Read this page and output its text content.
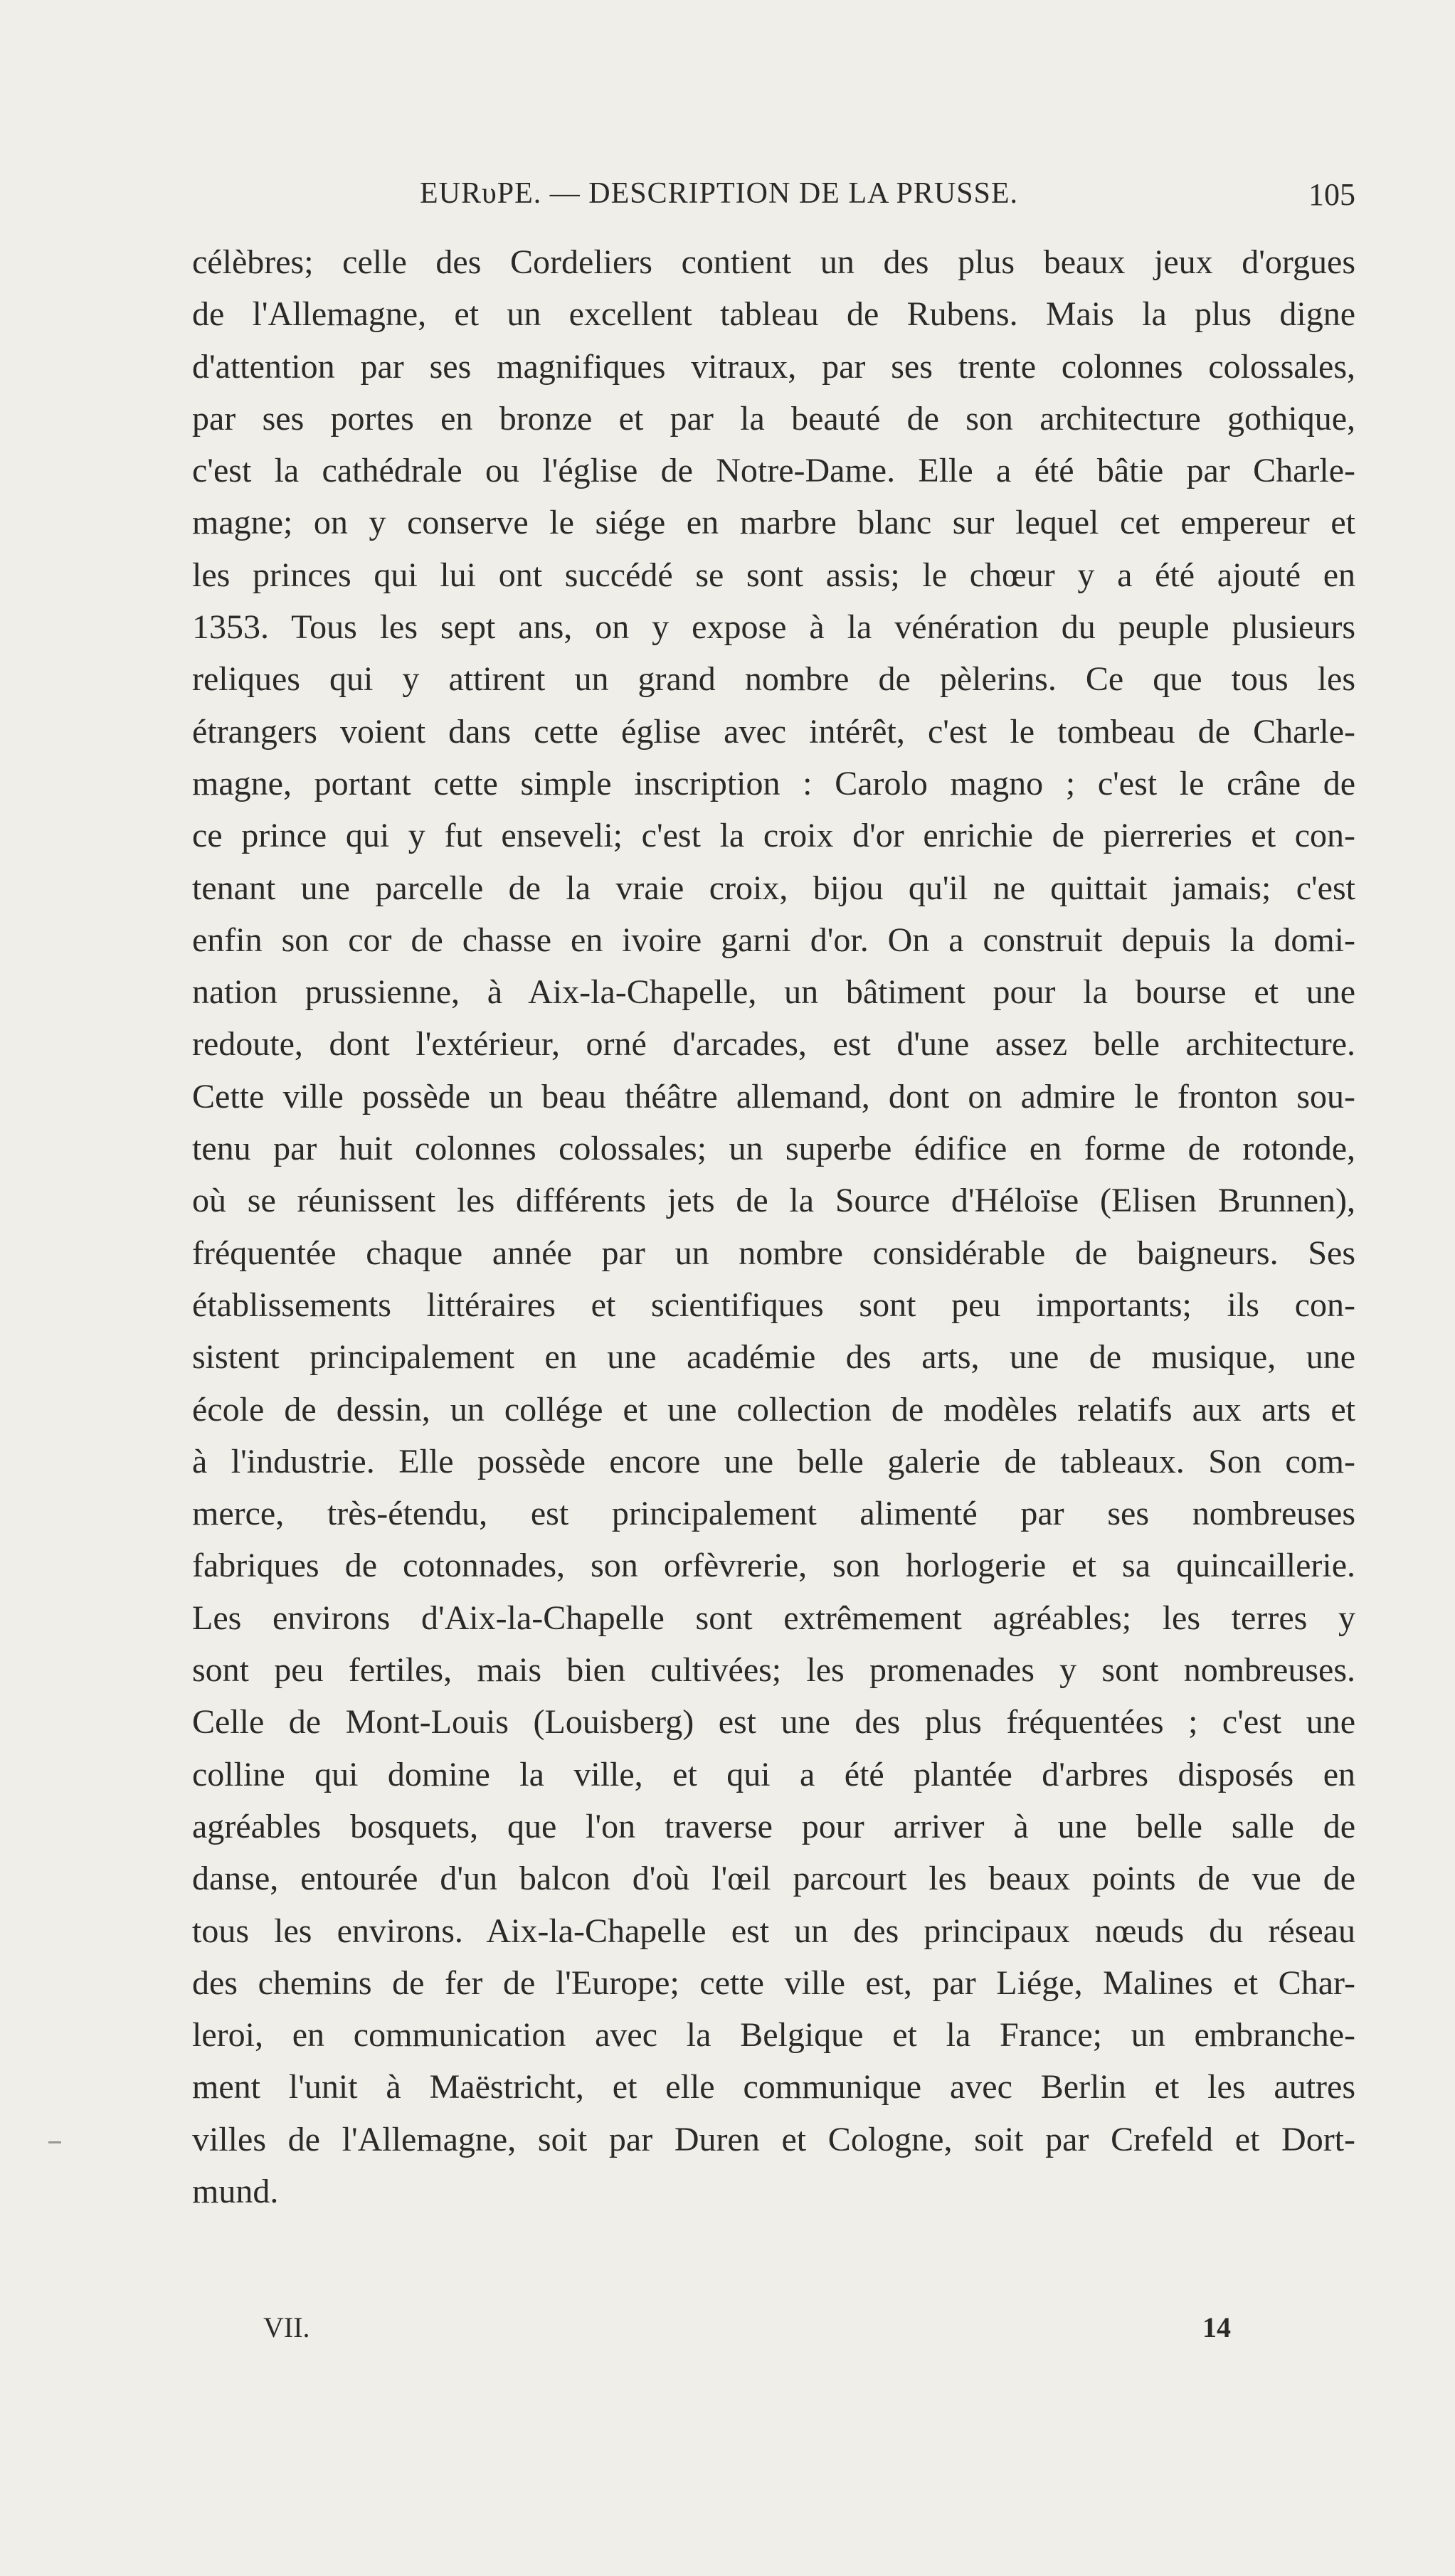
EURυPE. — DESCRIPTION DE LA PRUSSE.	105
célèbres; celle des Cordeliers contient un des plus beaux jeux d'orgues
de l'Allemagne, et un excellent tableau de Rubens. Mais la plus digne
d'attention par ses magnifiques vitraux, par ses trente colonnes colossales,
par ses portes en bronze et par la beauté de son architecture gothique,
c'est la cathédrale ou l'église de Notre-Dame. Elle a été bâtie par Charle-
magne; on y conserve le siége en marbre blanc sur lequel cet empereur et
les princes qui lui ont succédé se sont assis; le chœur y a été ajouté en
1353. Tous les sept ans, on y expose à la vénération du peuple plusieurs
reliques qui y attirent un grand nombre de pèlerins. Ce que tous les
étrangers voient dans cette église avec intérêt, c'est le tombeau de Charle-
magne, portant cette simple inscription : Carolo magno ; c'est le crâne de
ce prince qui y fut enseveli; c'est la croix d'or enrichie de pierreries et con-
tenant une parcelle de la vraie croix, bijou qu'il ne quittait jamais; c'est
enfin son cor de chasse en ivoire garni d'or. On a construit depuis la domi-
nation prussienne, à Aix-la-Chapelle, un bâtiment pour la bourse et une
redoute, dont l'extérieur, orné d'arcades, est d'une assez belle architecture.
Cette ville possède un beau théâtre allemand, dont on admire le fronton sou-
tenu par huit colonnes colossales; un superbe édifice en forme de rotonde,
où se réunissent les différents jets de la Source d'Héloïse (Elisen Brunnen),
fréquentée chaque année par un nombre considérable de baigneurs. Ses
établissements littéraires et scientifiques sont peu importants; ils con-
sistent principalement en une académie des arts, une de musique, une
école de dessin, un collége et une collection de modèles relatifs aux arts et
à l'industrie. Elle possède encore une belle galerie de tableaux. Son com-
merce, très-étendu, est principalement alimenté par ses nombreuses
fabriques de cotonnades, son orfèvrerie, son horlogerie et sa quincaillerie.
Les environs d'Aix-la-Chapelle sont extrêmement agréables; les terres y
sont peu fertiles, mais bien cultivées; les promenades y sont nombreuses.
Celle de Mont-Louis (Louisberg) est une des plus fréquentées ; c'est une
colline qui domine la ville, et qui a été plantée d'arbres disposés en
agréables bosquets, que l'on traverse pour arriver à une belle salle de
danse, entourée d'un balcon d'où l'œil parcourt les beaux points de vue de
tous les environs. Aix-la-Chapelle est un des principaux nœuds du réseau
des chemins de fer de l'Europe; cette ville est, par Liége, Malines et Char-
leroi, en communication avec la Belgique et la France; un embranche-
ment l'unit à Maëstricht, et elle communique avec Berlin et les autres
villes de l'Allemagne, soit par Duren et Cologne, soit par Crefeld et Dort-
mund.
VII.	14
